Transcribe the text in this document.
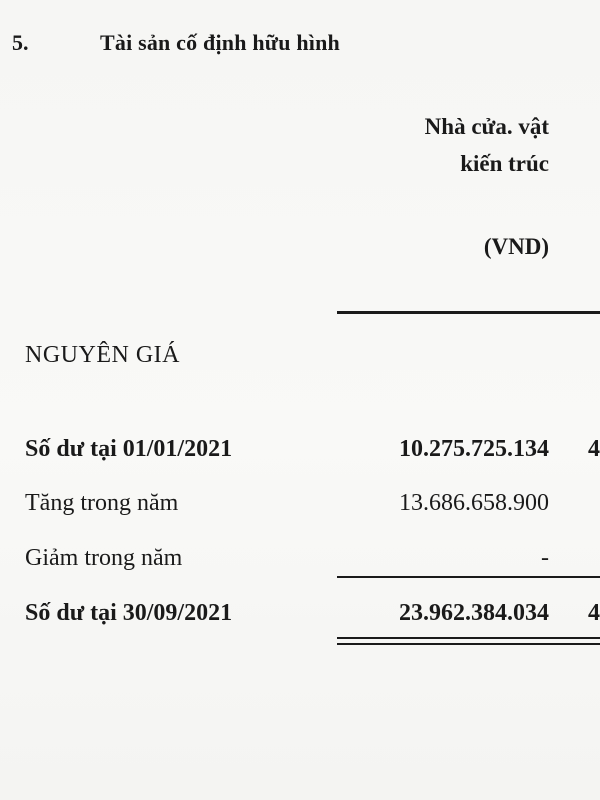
5.	Tài sản cố định hữu hình
Nhà cửa. vật
kiến trúc
(VND)
NGUYÊN GIÁ
Số dư tại 01/01/2021	10.275.725.134 4
Tăng trong năm	13.686.658.900
Giảm trong năm	-
Số dư tại 30/09/2021	23.962.384.034 4
